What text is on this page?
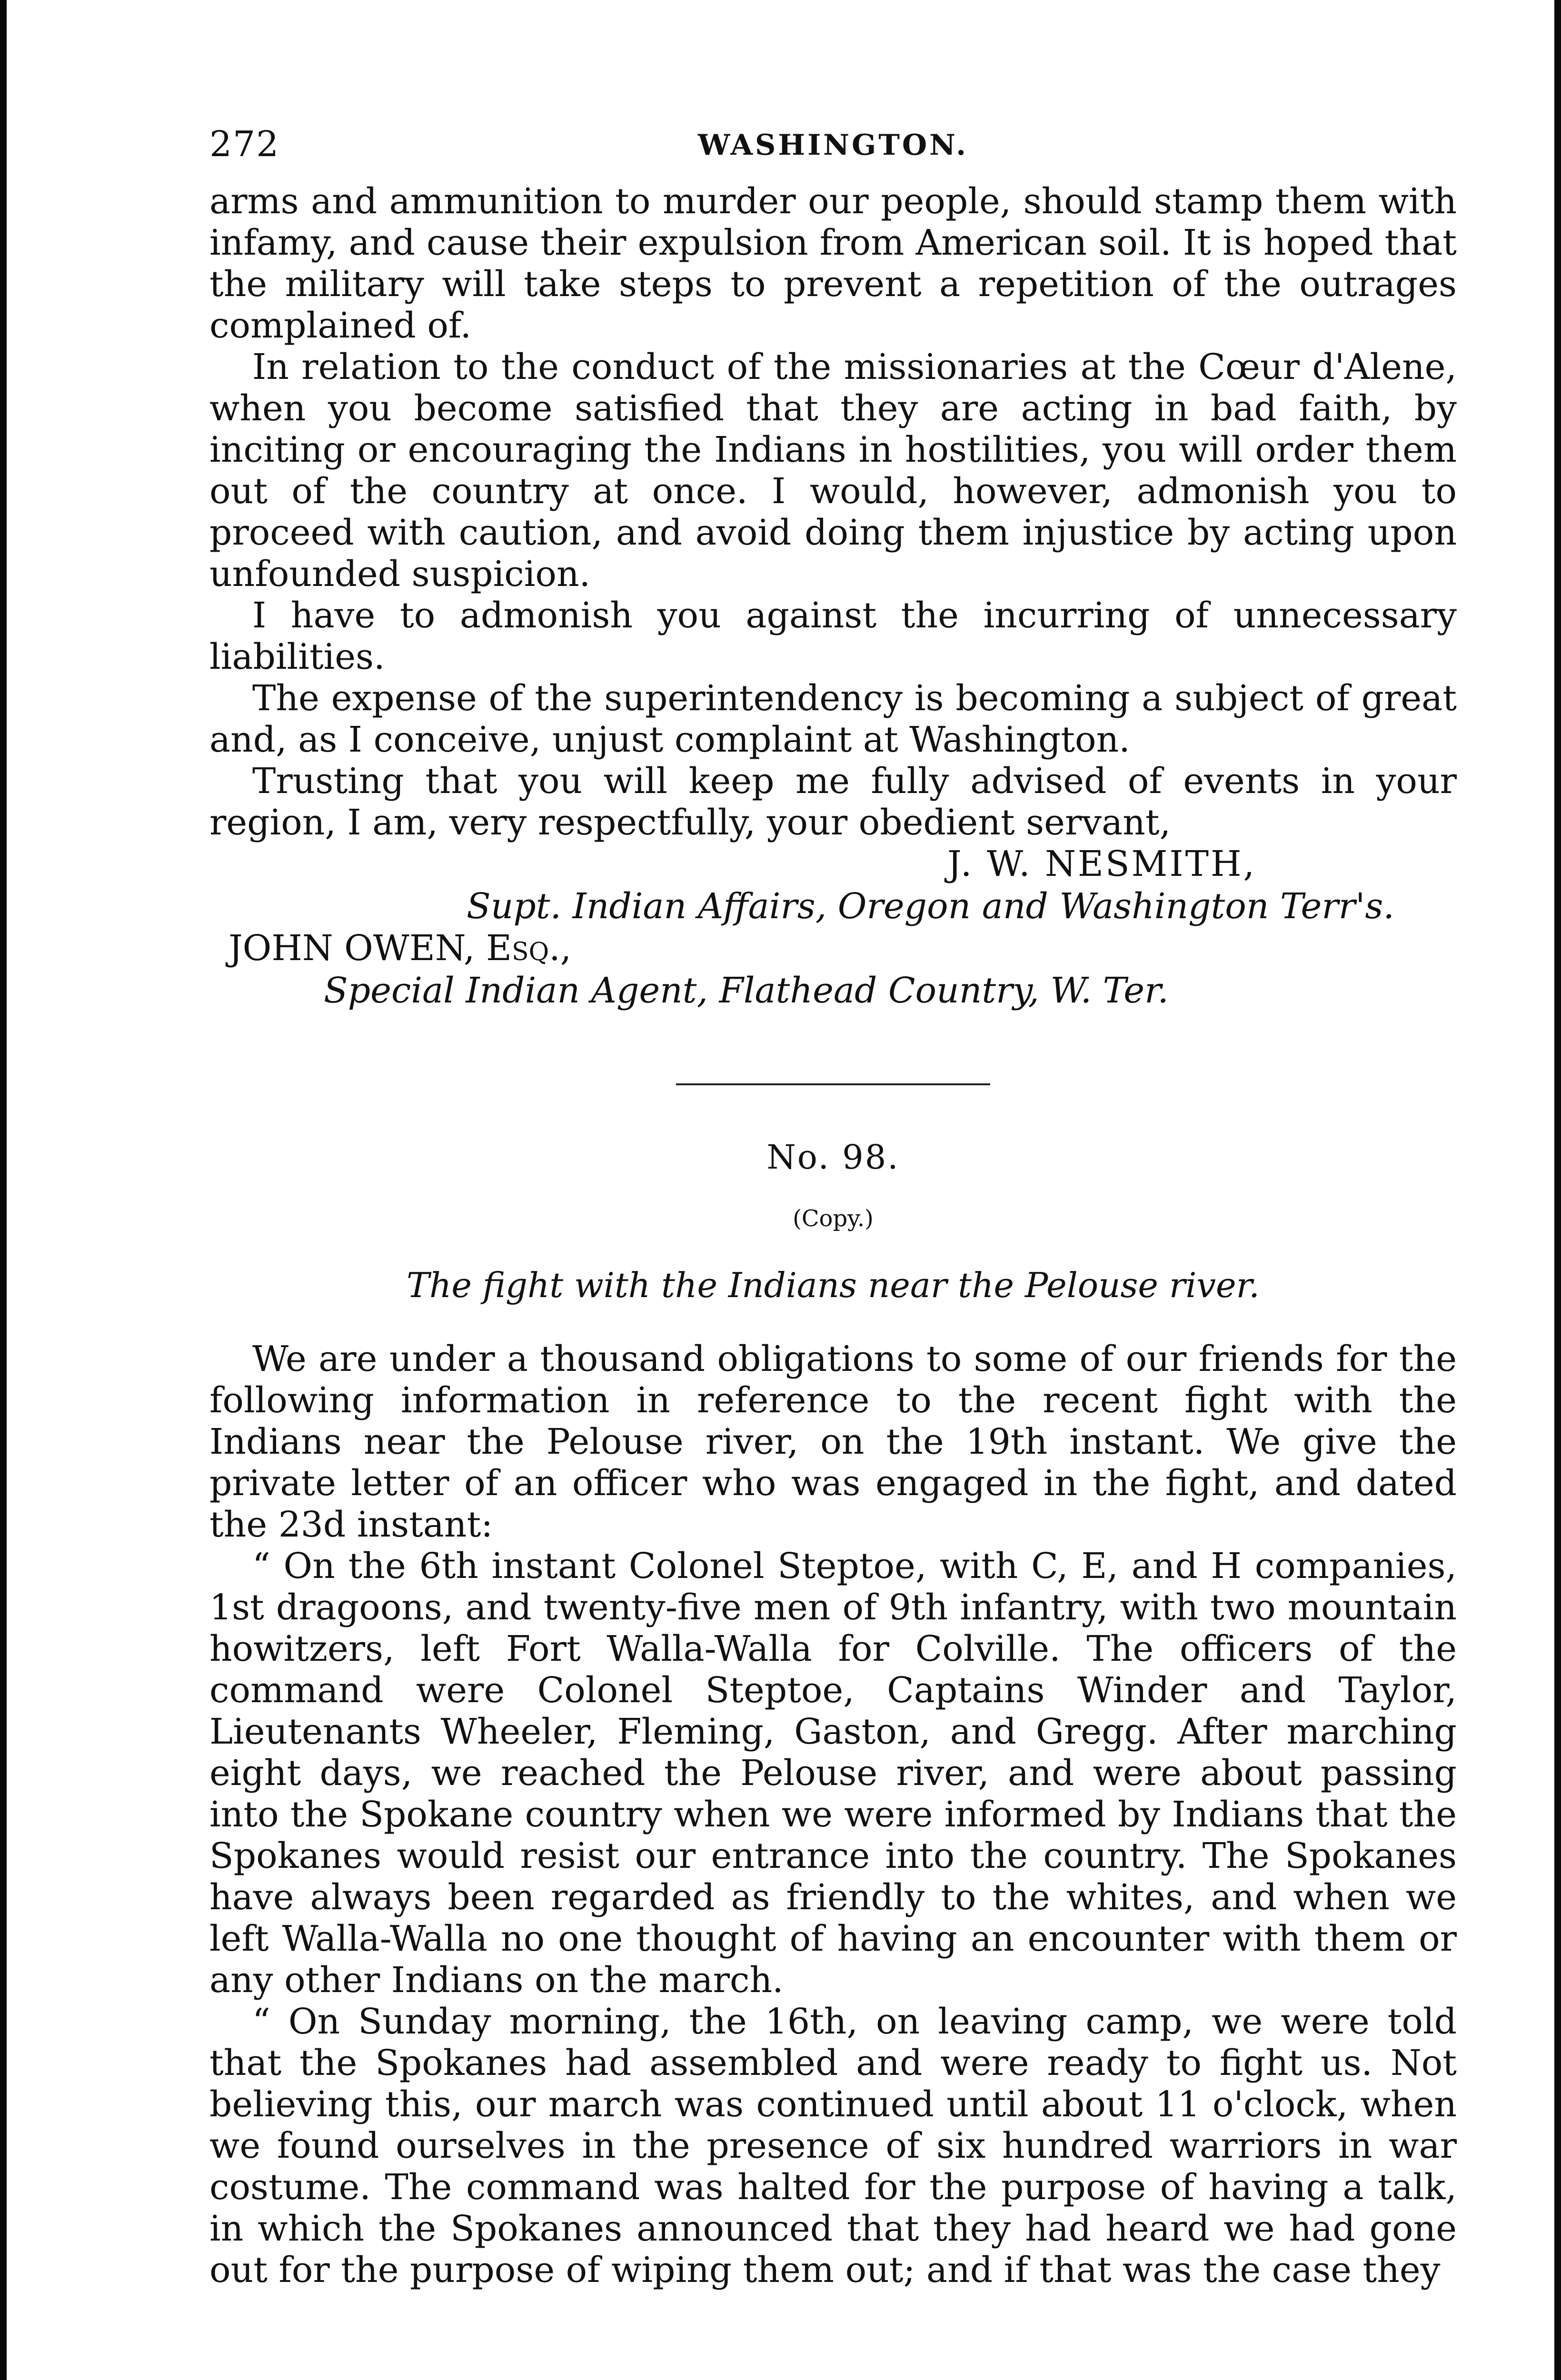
272	WASHINGTON.

arms and ammunition to murder our people, should stamp them with infamy, and cause their expulsion from American soil. It is hoped that the military will take steps to prevent a repetition of the outrages complained of.

In relation to the conduct of the missionaries at the Cœur d'Alene, when you become satisfied that they are acting in bad faith, by inciting or encouraging the Indians in hostilities, you will order them out of the country at once. I would, however, admonish you to proceed with caution, and avoid doing them injustice by acting upon unfounded suspicion.

I have to admonish you against the incurring of unnecessary liabilities.

The expense of the superintendency is becoming a subject of great and, as I conceive, unjust complaint at Washington.

Trusting that you will keep me fully advised of events in your region, I am, very respectfully, your obedient servant,

J. W. NESMITH,

Supt. Indian Affairs, Oregon and Washington Terr's.

JOHN OWEN, Esq.,

Special Indian Agent, Flathead Country, W. Ter.

No. 98.

(Copy.)

The fight with the Indians near the Pelouse river.

We are under a thousand obligations to some of our friends for the following information in reference to the recent fight with the Indians near the Pelouse river, on the 19th instant. We give the private letter of an officer who was engaged in the fight, and dated the 23d instant:

“ On the 6th instant Colonel Steptoe, with C, E, and H companies, 1st dragoons, and twenty-five men of 9th infantry, with two mountain howitzers, left Fort Walla-Walla for Colville. The officers of the command were Colonel Steptoe, Captains Winder and Taylor, Lieutenants Wheeler, Fleming, Gaston, and Gregg. After marching eight days, we reached the Pelouse river, and were about passing into the Spokane country when we were informed by Indians that the Spokanes would resist our entrance into the country. The Spokanes have always been regarded as friendly to the whites, and when we left Walla-Walla no one thought of having an encounter with them or any other Indians on the march.

“ On Sunday morning, the 16th, on leaving camp, we were told that the Spokanes had assembled and were ready to fight us. Not believing this, our march was continued until about 11 o'clock, when we found ourselves in the presence of six hundred warriors in war costume. The command was halted for the purpose of having a talk, in which the Spokanes announced that they had heard we had gone out for the purpose of wiping them out; and if that was the case they
